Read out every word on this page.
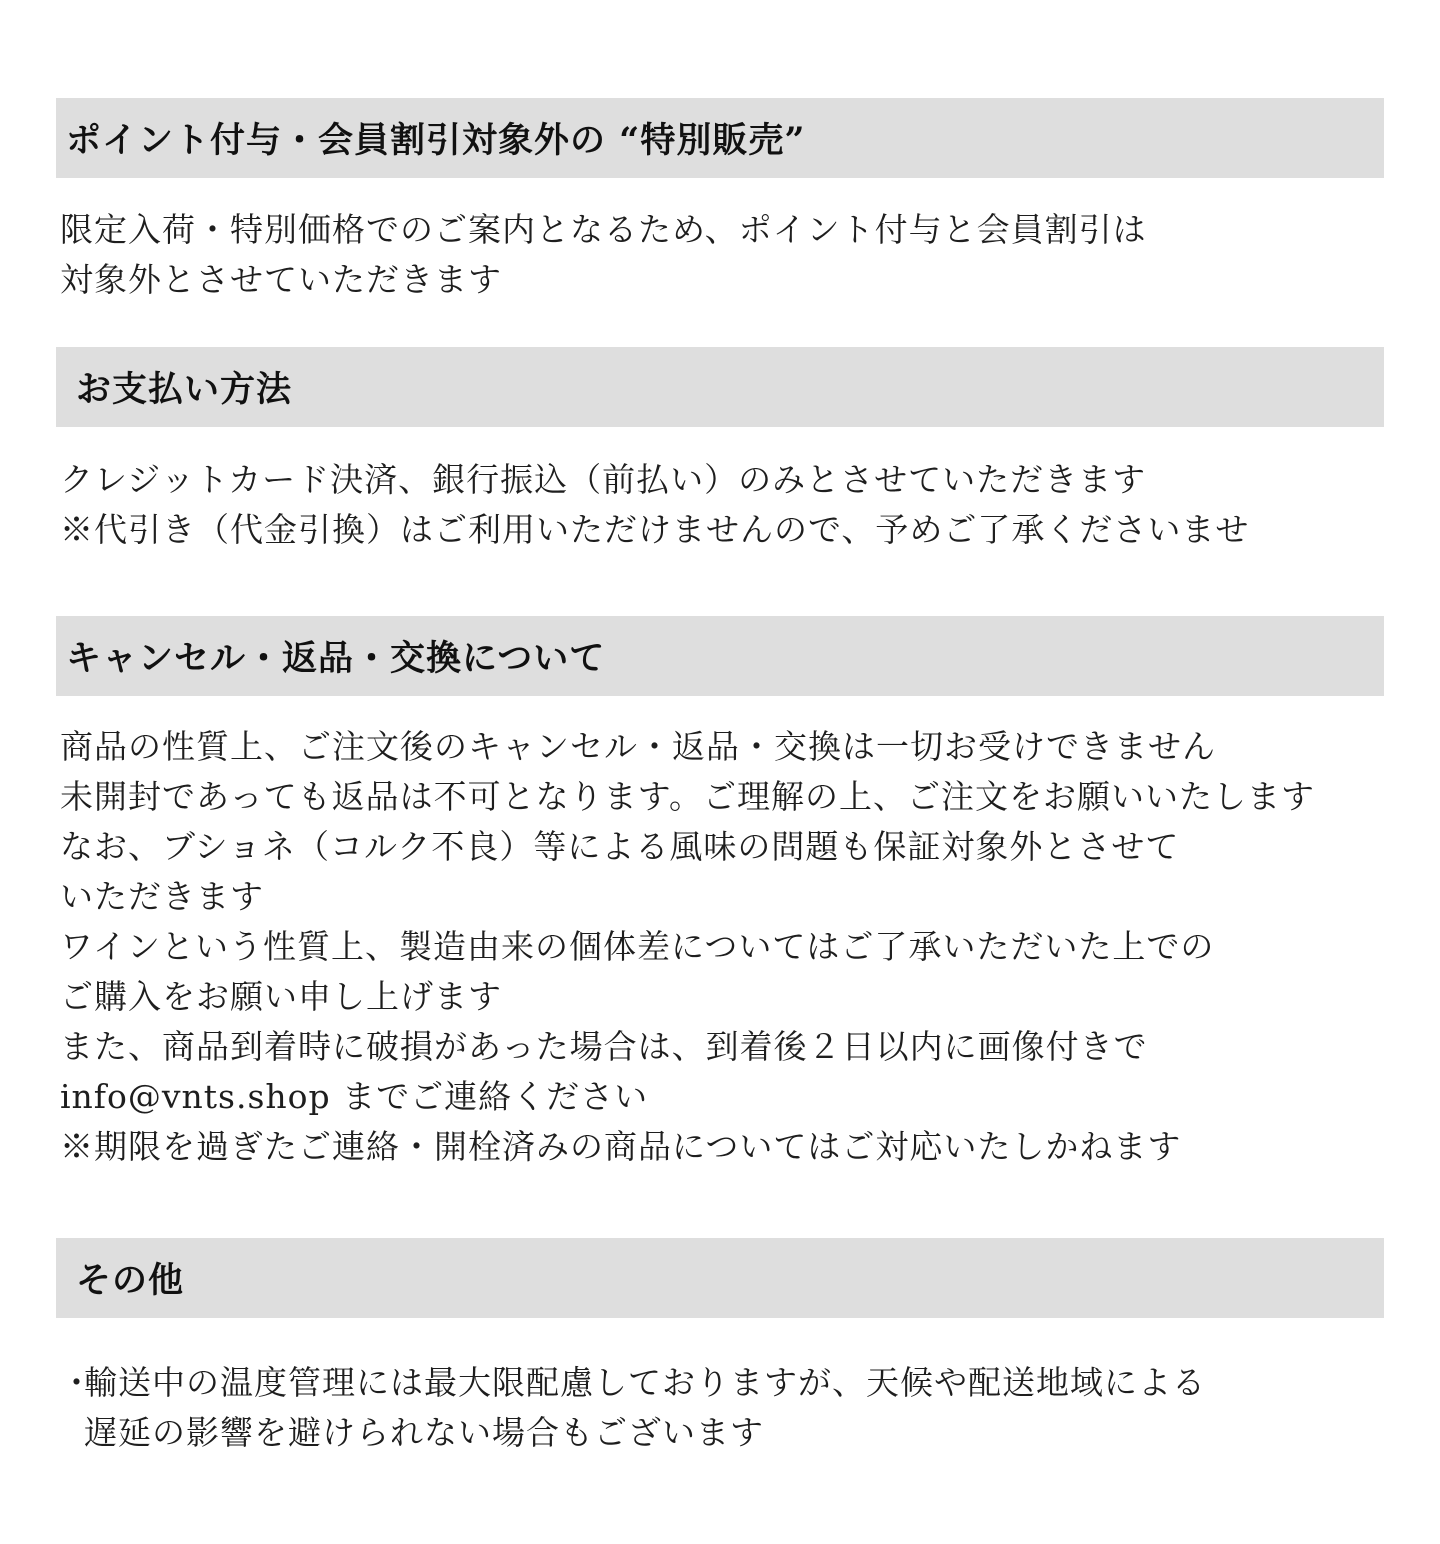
ポイント付与・会員割引対象外の “特別販売”

限定入荷・特別価格でのご案内となるため、ポイント付与と会員割引は

対象外とさせていただきます

お支払い方法

クレジットカード決済、銀行振込（前払い）のみとさせていただきます

※代引き（代金引換）はご利用いただけませんので、予めご了承くださいませ

キャンセル・返品・交換について

商品の性質上、ご注文後のキャンセル・返品・交換は一切お受けできません

未開封であっても返品は不可となります。ご理解の上、ご注文をお願いいたします

なお、ブショネ（コルク不良）等による風味の問題も保証対象外とさせて

いただきます

ワインという性質上、製造由来の個体差についてはご了承いただいた上での

ご購入をお願い申し上げます

また、商品到着時に破損があった場合は、到着後２日以内に画像付きで

info@vnts.shop までご連絡ください

※期限を過ぎたご連絡・開栓済みの商品についてはご対応いたしかねます

その他
・
輸送中の温度管理には最大限配慮しておりますが、天候や配送地域による
遅延の影響を避けられない場合もございます
